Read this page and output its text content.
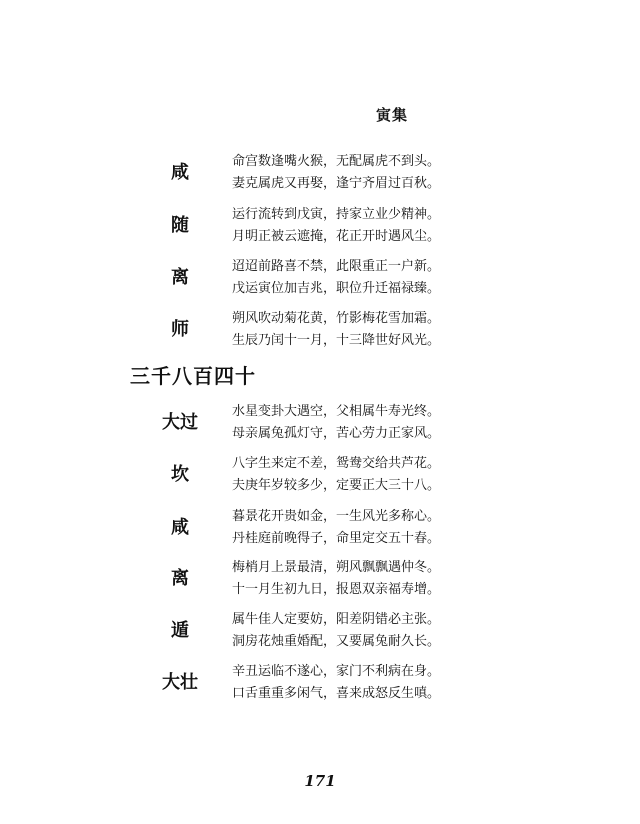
寅集
咸
命宫数逢嘴火猴，无配属虎不到头。
妻克属虎又再娶，逢宁齐眉过百秋。
随
运行流转到戊寅，持家立业少精神。
月明正被云遮掩，花正开时遇风尘。
离
迢迢前路喜不禁，此限重正一户新。
戊运寅位加吉兆，职位升迁福禄臻。
师
朔风吹动菊花黄，竹影梅花雪加霜。
生辰乃闰十一月，十三降世好风光。
三千八百四十
大过
水星变卦大遇空，父相属牛寿光终。
母亲属兔孤灯守，苦心劳力正家风。
坎
八字生来定不差，鸳鸯交给共芦花。
夫庚年岁较多少，定要正大三十八。
咸
暮景花开贵如金，一生风光多称心。
丹桂庭前晚得子，命里定交五十春。
离
梅梢月上景最清，朔风飘飘遇仲冬。
十一月生初九日，报恩双亲福寿增。
遁
属牛佳人定要妨，阳差阴错必主张。
洞房花烛重婚配，又要属兔耐久长。
大壮
辛丑运临不遂心，家门不利病在身。
口舌重重多闲气，喜来成怒反生嗔。
171
